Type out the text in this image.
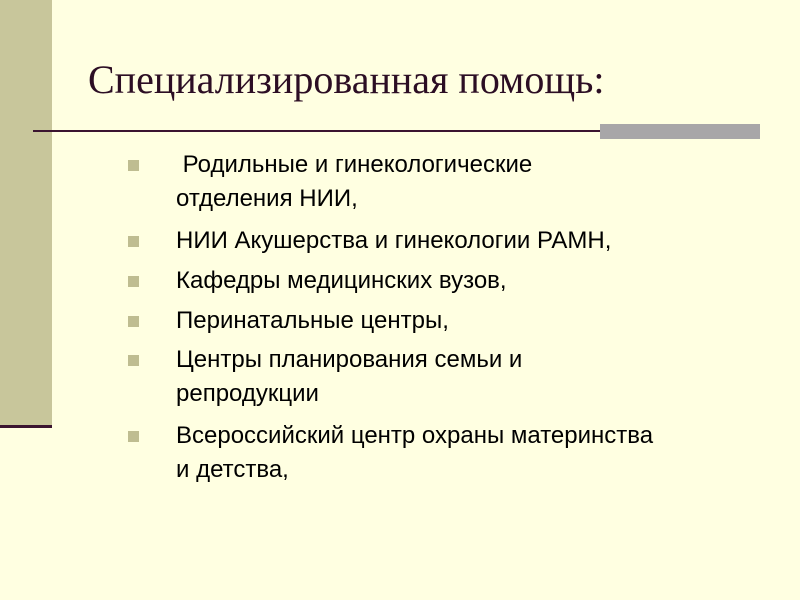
Специализированная помощь:
Родильные и гинекологические
отделения НИИ,
НИИ Акушерства и гинекологии РАМН,
Кафедры медицинских вузов,
Перинатальные центры,
Центры планирования семьи и
репродукции
Всероссийский центр охраны материнства
и детства,
